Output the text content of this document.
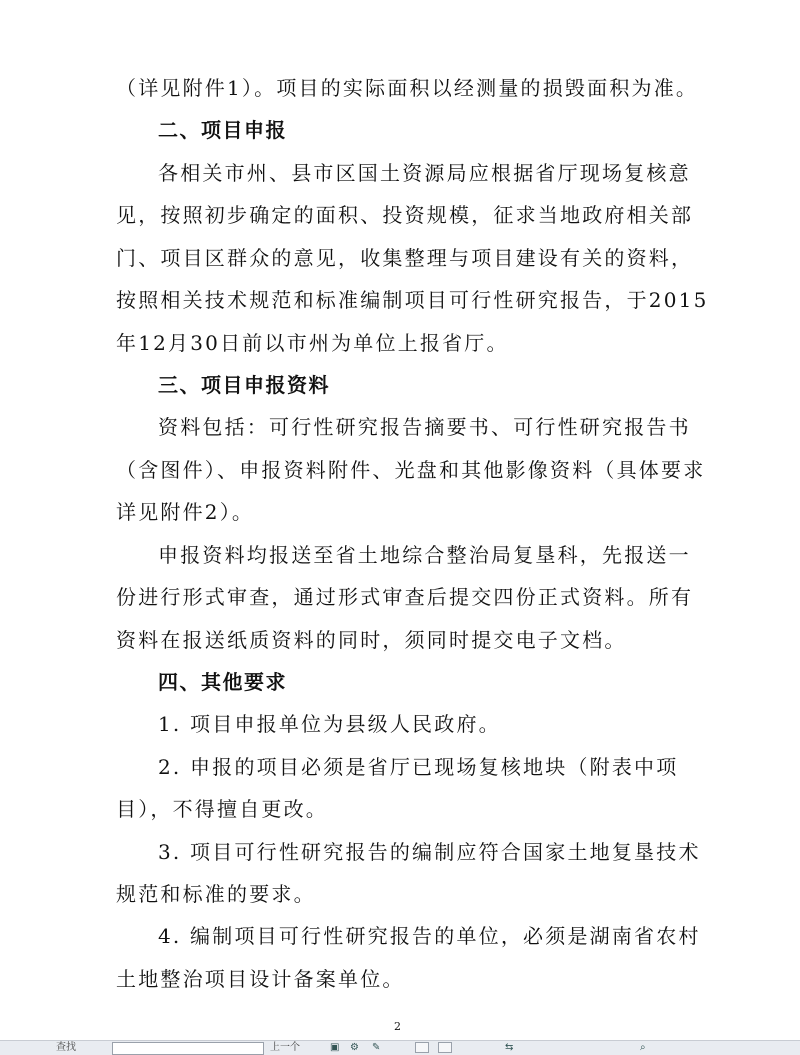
（详见附件1）。项目的实际面积以经测量的损毁面积为准。
二、项目申报
各相关市州、县市区国土资源局应根据省厅现场复核意
见，按照初步确定的面积、投资规模，征求当地政府相关部
门、项目区群众的意见，收集整理与项目建设有关的资料，
按照相关技术规范和标准编制项目可行性研究报告，于2015
年12月30日前以市州为单位上报省厅。
三、项目申报资料
资料包括：可行性研究报告摘要书、可行性研究报告书
（含图件）、申报资料附件、光盘和其他影像资料（具体要求
详见附件2）。
申报资料均报送至省土地综合整治局复垦科，先报送一
份进行形式审查，通过形式审查后提交四份正式资料。所有
资料在报送纸质资料的同时，须同时提交电子文档。
四、其他要求
1. 项目申报单位为县级人民政府。
2. 申报的项目必须是省厅已现场复核地块（附表中项
目），不得擅自更改。
3. 项目可行性研究报告的编制应符合国家土地复垦技术
规范和标准的要求。
4. 编制项目可行性研究报告的单位，必须是湖南省农村
土地整治项目设计备案单位。
2
查找	上一个	▣ ⚙ ✎	⇆	⌕
